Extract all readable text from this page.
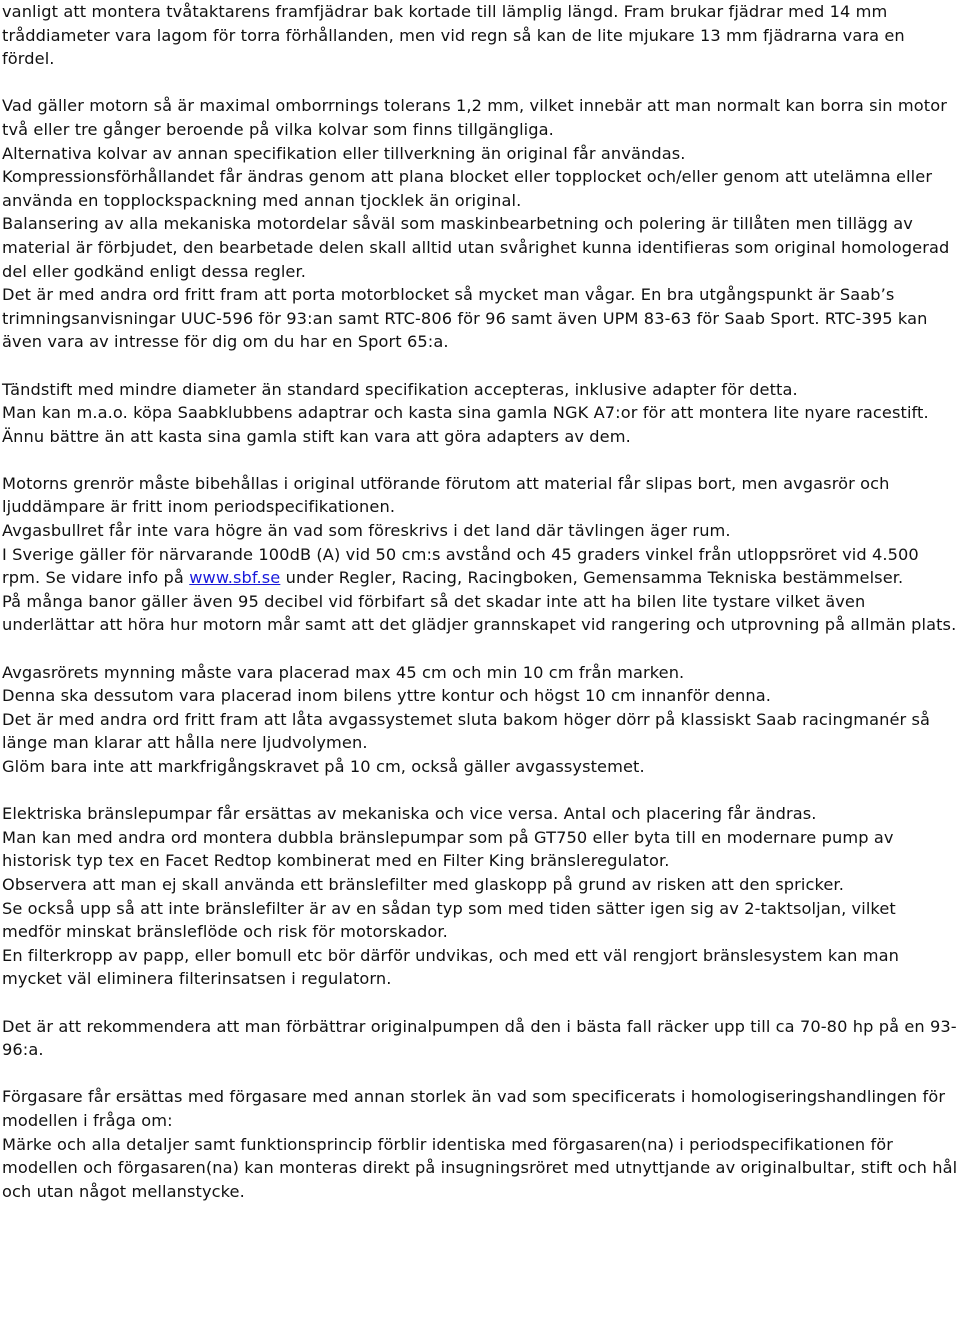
vanligt att montera tvåtaktarens framfjädrar bak kortade till lämplig längd. Fram brukar fjädrar med 14 mm tråddiameter vara lagom för torra förhållanden, men vid regn så kan de lite mjukare 13 mm fjädrarna vara en fördel.

Vad gäller motorn så är maximal omborrnings tolerans 1,2 mm, vilket innebär att man normalt kan borra sin motor två eller tre gånger beroende på vilka kolvar som finns tillgängliga.

Alternativa kolvar av annan specifikation eller tillverkning än original får användas.

Kompressionsförhållandet får ändras genom att plana blocket eller topplocket och/eller genom att utelämna eller använda en topplockspackning med annan tjocklek än original.

Balansering av alla mekaniska motordelar såväl som maskinbearbetning och polering är tillåten men tillägg av material är förbjudet, den bearbetade delen skall alltid utan svårighet kunna identifieras som original homologerad del eller godkänd enligt dessa regler.

Det är med andra ord fritt fram att porta motorblocket så mycket man vågar. En bra utgångspunkt är Saab’s trimningsanvisningar UUC-596 för 93:an samt RTC-806 för 96 samt även UPM 83-63 för Saab Sport. RTC-395 kan även vara av intresse för dig om du har en Sport 65:a.

Tändstift med mindre diameter än standard specifikation accepteras, inklusive adapter för detta.

Man kan m.a.o. köpa Saabklubbens adaptrar och kasta sina gamla NGK A7:or för att montera lite nyare racestift. Ännu bättre än att kasta sina gamla stift kan vara att göra adapters av dem.

Motorns grenrör måste bibehållas i original utförande förutom att material får slipas bort, men avgasrör och ljuddämpare är fritt inom periodspecifikationen.

Avgasbullret får inte vara högre än vad som föreskrivs i det land där tävlingen äger rum.

I Sverige gäller för närvarande 100dB (A) vid 50 cm:s avstånd och 45 graders vinkel från utloppsröret vid 4.500 rpm. Se vidare info på www.sbf.se under Regler, Racing, Racingboken, Gemensamma Tekniska bestämmelser.

På många banor gäller även 95 decibel vid förbifart så det skadar inte att ha bilen lite tystare vilket även underlättar att höra hur motorn mår samt att det glädjer grannskapet vid rangering och utprovning på allmän plats.

Avgasrörets mynning måste vara placerad max 45 cm och min 10 cm från marken.

Denna ska dessutom vara placerad inom bilens yttre kontur och högst 10 cm innanför denna.

Det är med andra ord fritt fram att låta avgassystemet sluta bakom höger dörr på klassiskt Saab racingmanér så länge man klarar att hålla nere ljudvolymen.

Glöm bara inte att markfrigångskravet på 10 cm, också gäller avgassystemet.

Elektriska bränslepumpar får ersättas av mekaniska och vice versa. Antal och placering får ändras.

Man kan med andra ord montera dubbla bränslepumpar som på GT750 eller byta till en modernare pump av historisk typ tex en Facet Redtop kombinerat med en Filter King bränsleregulator.

Observera att man ej skall använda ett bränslefilter med glaskopp på grund av risken att den spricker.

Se också upp så att inte bränslefilter är av en sådan typ som med tiden sätter igen sig av 2-taktsoljan, vilket medför minskat bränsleflöde och risk för motorskador.

En filterkropp av papp, eller bomull etc bör därför undvikas, och med ett väl rengjort bränslesystem kan man mycket väl eliminera filterinsatsen i regulatorn.

Det är att rekommendera att man förbättrar originalpumpen då den i bästa fall räcker upp till ca 70-80 hp på en 93-96:a.

Förgasare får ersättas med förgasare med annan storlek än vad som specificerats i homologiseringshandlingen för modellen i fråga om:

Märke och alla detaljer samt funktionsprincip förblir identiska med förgasaren(na) i periodspecifikationen för modellen och förgasaren(na) kan monteras direkt på insugningsröret med utnyttjande av originalbultar, stift och hål och utan något mellanstycke.
